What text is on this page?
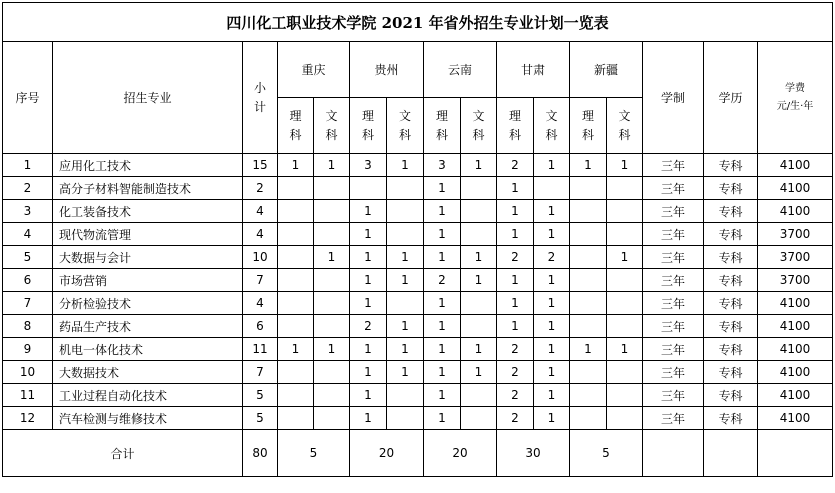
四川化工职业技术学院 2021 年省外招生专业计划一览表															
序号	招生专业	小计	重庆		贵州		云南		甘肃		新疆		学制	学历	学费
元/生·年
			理科	文科	理科	文科	理科	文科	理科	文科	理科	文科			
1	应用化工技术	15	1	1	3	1	3	1	2	1	1	1	三年	专科	4100
2	高分子材料智能制造技术	2					1		1				三年	专科	4100
3	化工装备技术	4			1		1		1	1			三年	专科	4100
4	现代物流管理	4			1		1		1	1			三年	专科	3700
5	大数据与会计	10		1	1	1	1	1	2	2		1	三年	专科	3700
6	市场营销	7			1	1	2	1	1	1			三年	专科	3700
7	分析检验技术	4			1		1		1	1			三年	专科	4100
8	药品生产技术	6			2	1	1		1	1			三年	专科	4100
9	机电一体化技术	11	1	1	1	1	1	1	2	1	1	1	三年	专科	4100
10	大数据技术	7			1	1	1	1	2	1			三年	专科	4100
11	工业过程自动化技术	5			1		1		2	1			三年	专科	4100
12	汽车检测与维修技术	5			1		1		2	1			三年	专科	4100
合计		80	5		20		20		30		5				
